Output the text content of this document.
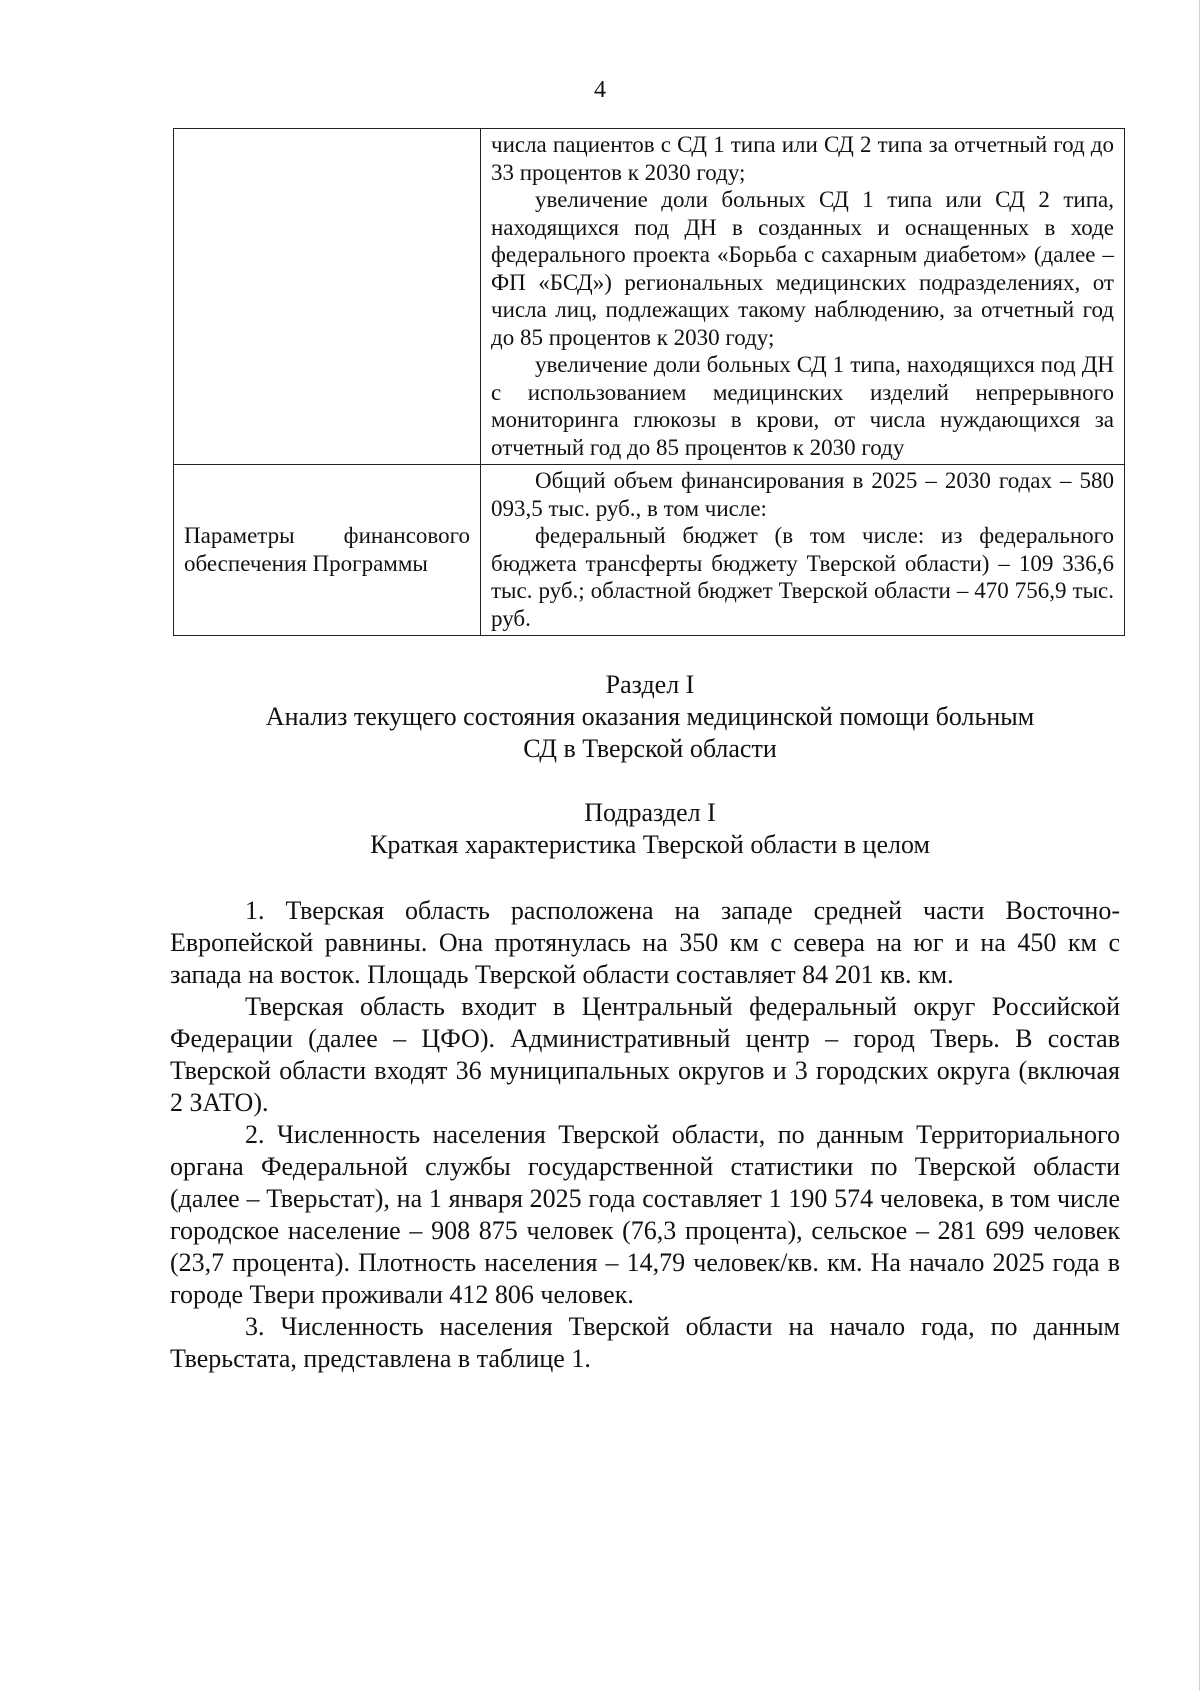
4

	числа пациентов с СД 1 типа или СД 2 типа за отчетный год до 33 процентов к 2030 году;

увеличение доли больных СД 1 типа или СД 2 типа, находящихся под ДН в созданных и оснащенных в ходе федерального проекта «Борьба с сахарным диабетом» (далее – ФП «БСД») региональных медицинских подразделениях, от числа лиц, подлежащих такому наблюдению, за отчетный год до 85 процентов к 2030 году;

увеличение доли больных СД 1 типа, находящихся под ДН с использованием медицинских изделий непрерывного мониторинга глюкозы в крови, от числа нуждающихся за отчетный год до 85 процентов к 2030 году

Параметры финансового обеспечения Программы	Общий объем финансирования в 2025 – 2030 годах – 580 093,5 тыс. руб., в том числе:

федеральный бюджет (в том числе: из федерального бюджета трансферты бюджету Тверской области) – 109 336,6 тыс. руб.; областной бюджет Тверской области – 470 756,9 тыс. руб.

Раздел I
Анализ текущего состояния оказания медицинской помощи больным
СД в Тверской области
Подраздел I
Краткая характеристика Тверской области в целом

1. Тверская область расположена на западе средней части Восточно-Европейской равнины. Она протянулась на 350 км с севера на юг и на 450 км с запада на восток. Площадь Тверской области составляет 84 201 кв. км.

Тверская область входит в Центральный федеральный округ Российской Федерации (далее – ЦФО). Административный центр – город Тверь. В состав Тверской области входят 36 муниципальных округов и 3 городских округа (включая 2 ЗАТО).

2. Численность населения Тверской области, по данным Территориального органа Федеральной службы государственной статистики по Тверской области (далее – Тверьстат), на 1 января 2025 года составляет 1 190 574 человека, в том числе городское население – 908 875 человек (76,3 процента), сельское – 281 699 человек (23,7 процента). Плотность населения – 14,79 человек/кв. км. На начало 2025 года в городе Твери проживали 412 806 человек.

3. Численность населения Тверской области на начало года, по данным Тверьстата, представлена в таблице 1.
